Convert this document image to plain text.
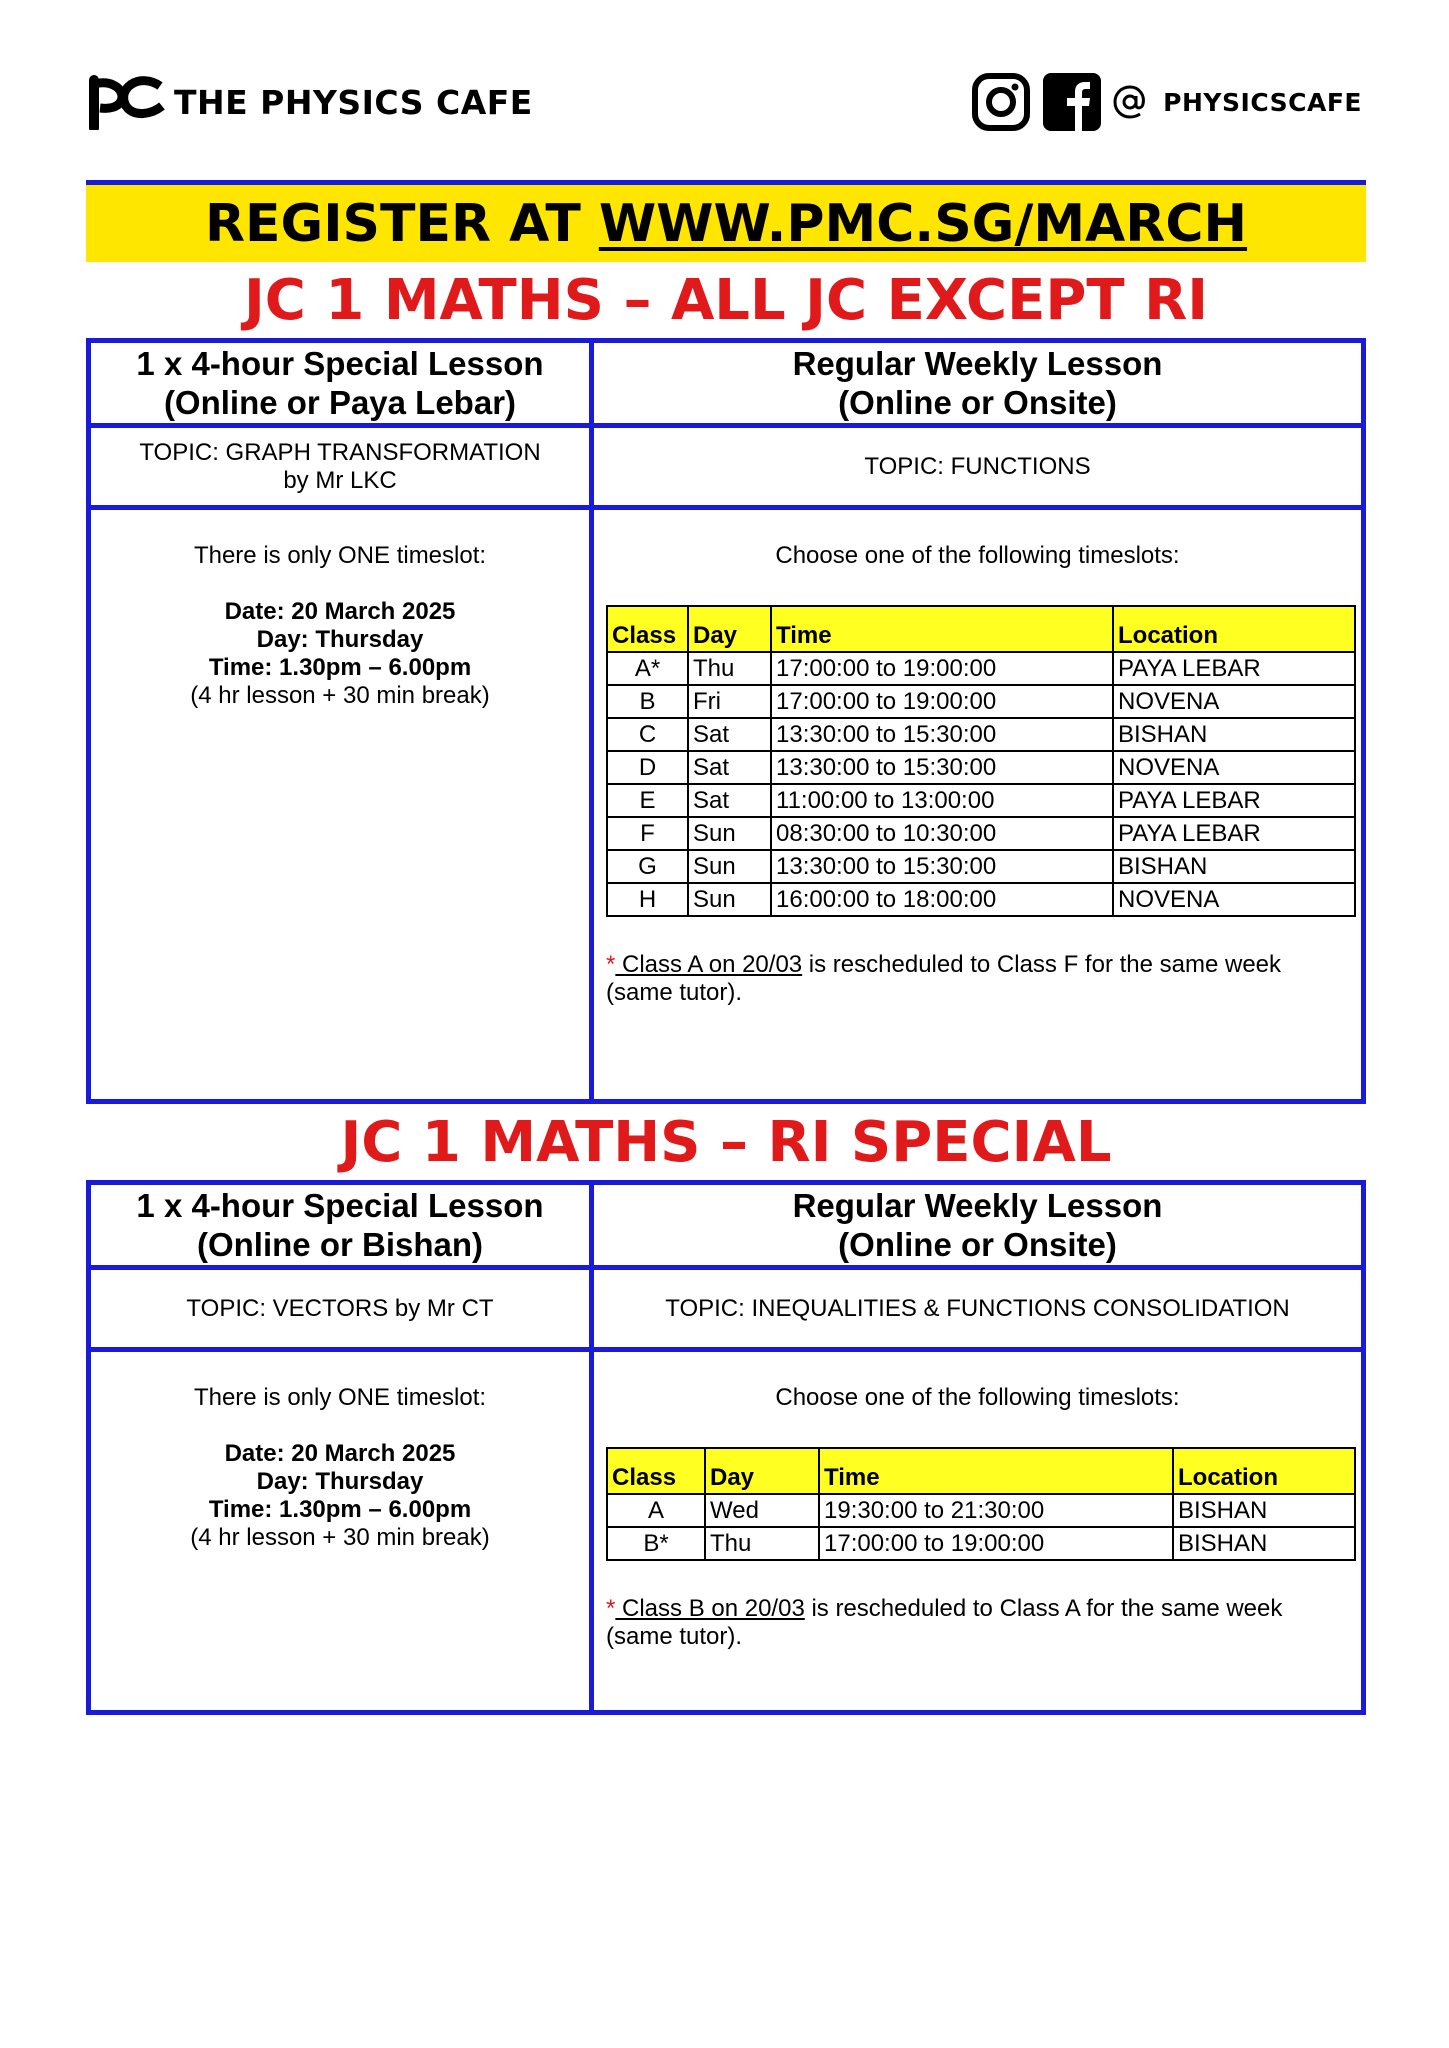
THE PHYSICS CAFE	PHYSICSCAFE
REGISTER AT WWW.PMC.SG/MARCH
JC 1 MATHS – ALL JC EXCEPT RI
1 x 4-hour Special Lesson
(Online or Paya Lebar)
Regular Weekly Lesson
(Online or Onsite)
TOPIC: GRAPH TRANSFORMATION
by Mr LKC
TOPIC: FUNCTIONS
There is only ONE timeslot:
Date: 20 March 2025
Day: Thursday
Time: 1.30pm – 6.00pm
(4 hr lesson + 30 min break)
Choose one of the following timeslots:
Class	Day	Time	Location
A*	Thu	17:00:00 to 19:00:00	PAYA LEBAR
B	Fri	17:00:00 to 19:00:00	NOVENA
C	Sat	13:30:00 to 15:30:00	BISHAN
D	Sat	13:30:00 to 15:30:00	NOVENA
E	Sat	11:00:00 to 13:00:00	PAYA LEBAR
F	Sun	08:30:00 to 10:30:00	PAYA LEBAR
G	Sun	13:30:00 to 15:30:00	BISHAN
H	Sun	16:00:00 to 18:00:00	NOVENA
* Class A on 20/03 is rescheduled to Class F for the same week (same tutor).
JC 1 MATHS – RI SPECIAL
1 x 4-hour Special Lesson
(Online or Bishan)
Regular Weekly Lesson
(Online or Onsite)
TOPIC: VECTORS by Mr CT	TOPIC: INEQUALITIES & FUNCTIONS CONSOLIDATION
There is only ONE timeslot:
Date: 20 March 2025
Day: Thursday
Time: 1.30pm – 6.00pm
(4 hr lesson + 30 min break)
Choose one of the following timeslots:
Class	Day	Time	Location
A	Wed	19:30:00 to 21:30:00	BISHAN
B*	Thu	17:00:00 to 19:00:00	BISHAN
* Class B on 20/03 is rescheduled to Class A for the same week (same tutor).
